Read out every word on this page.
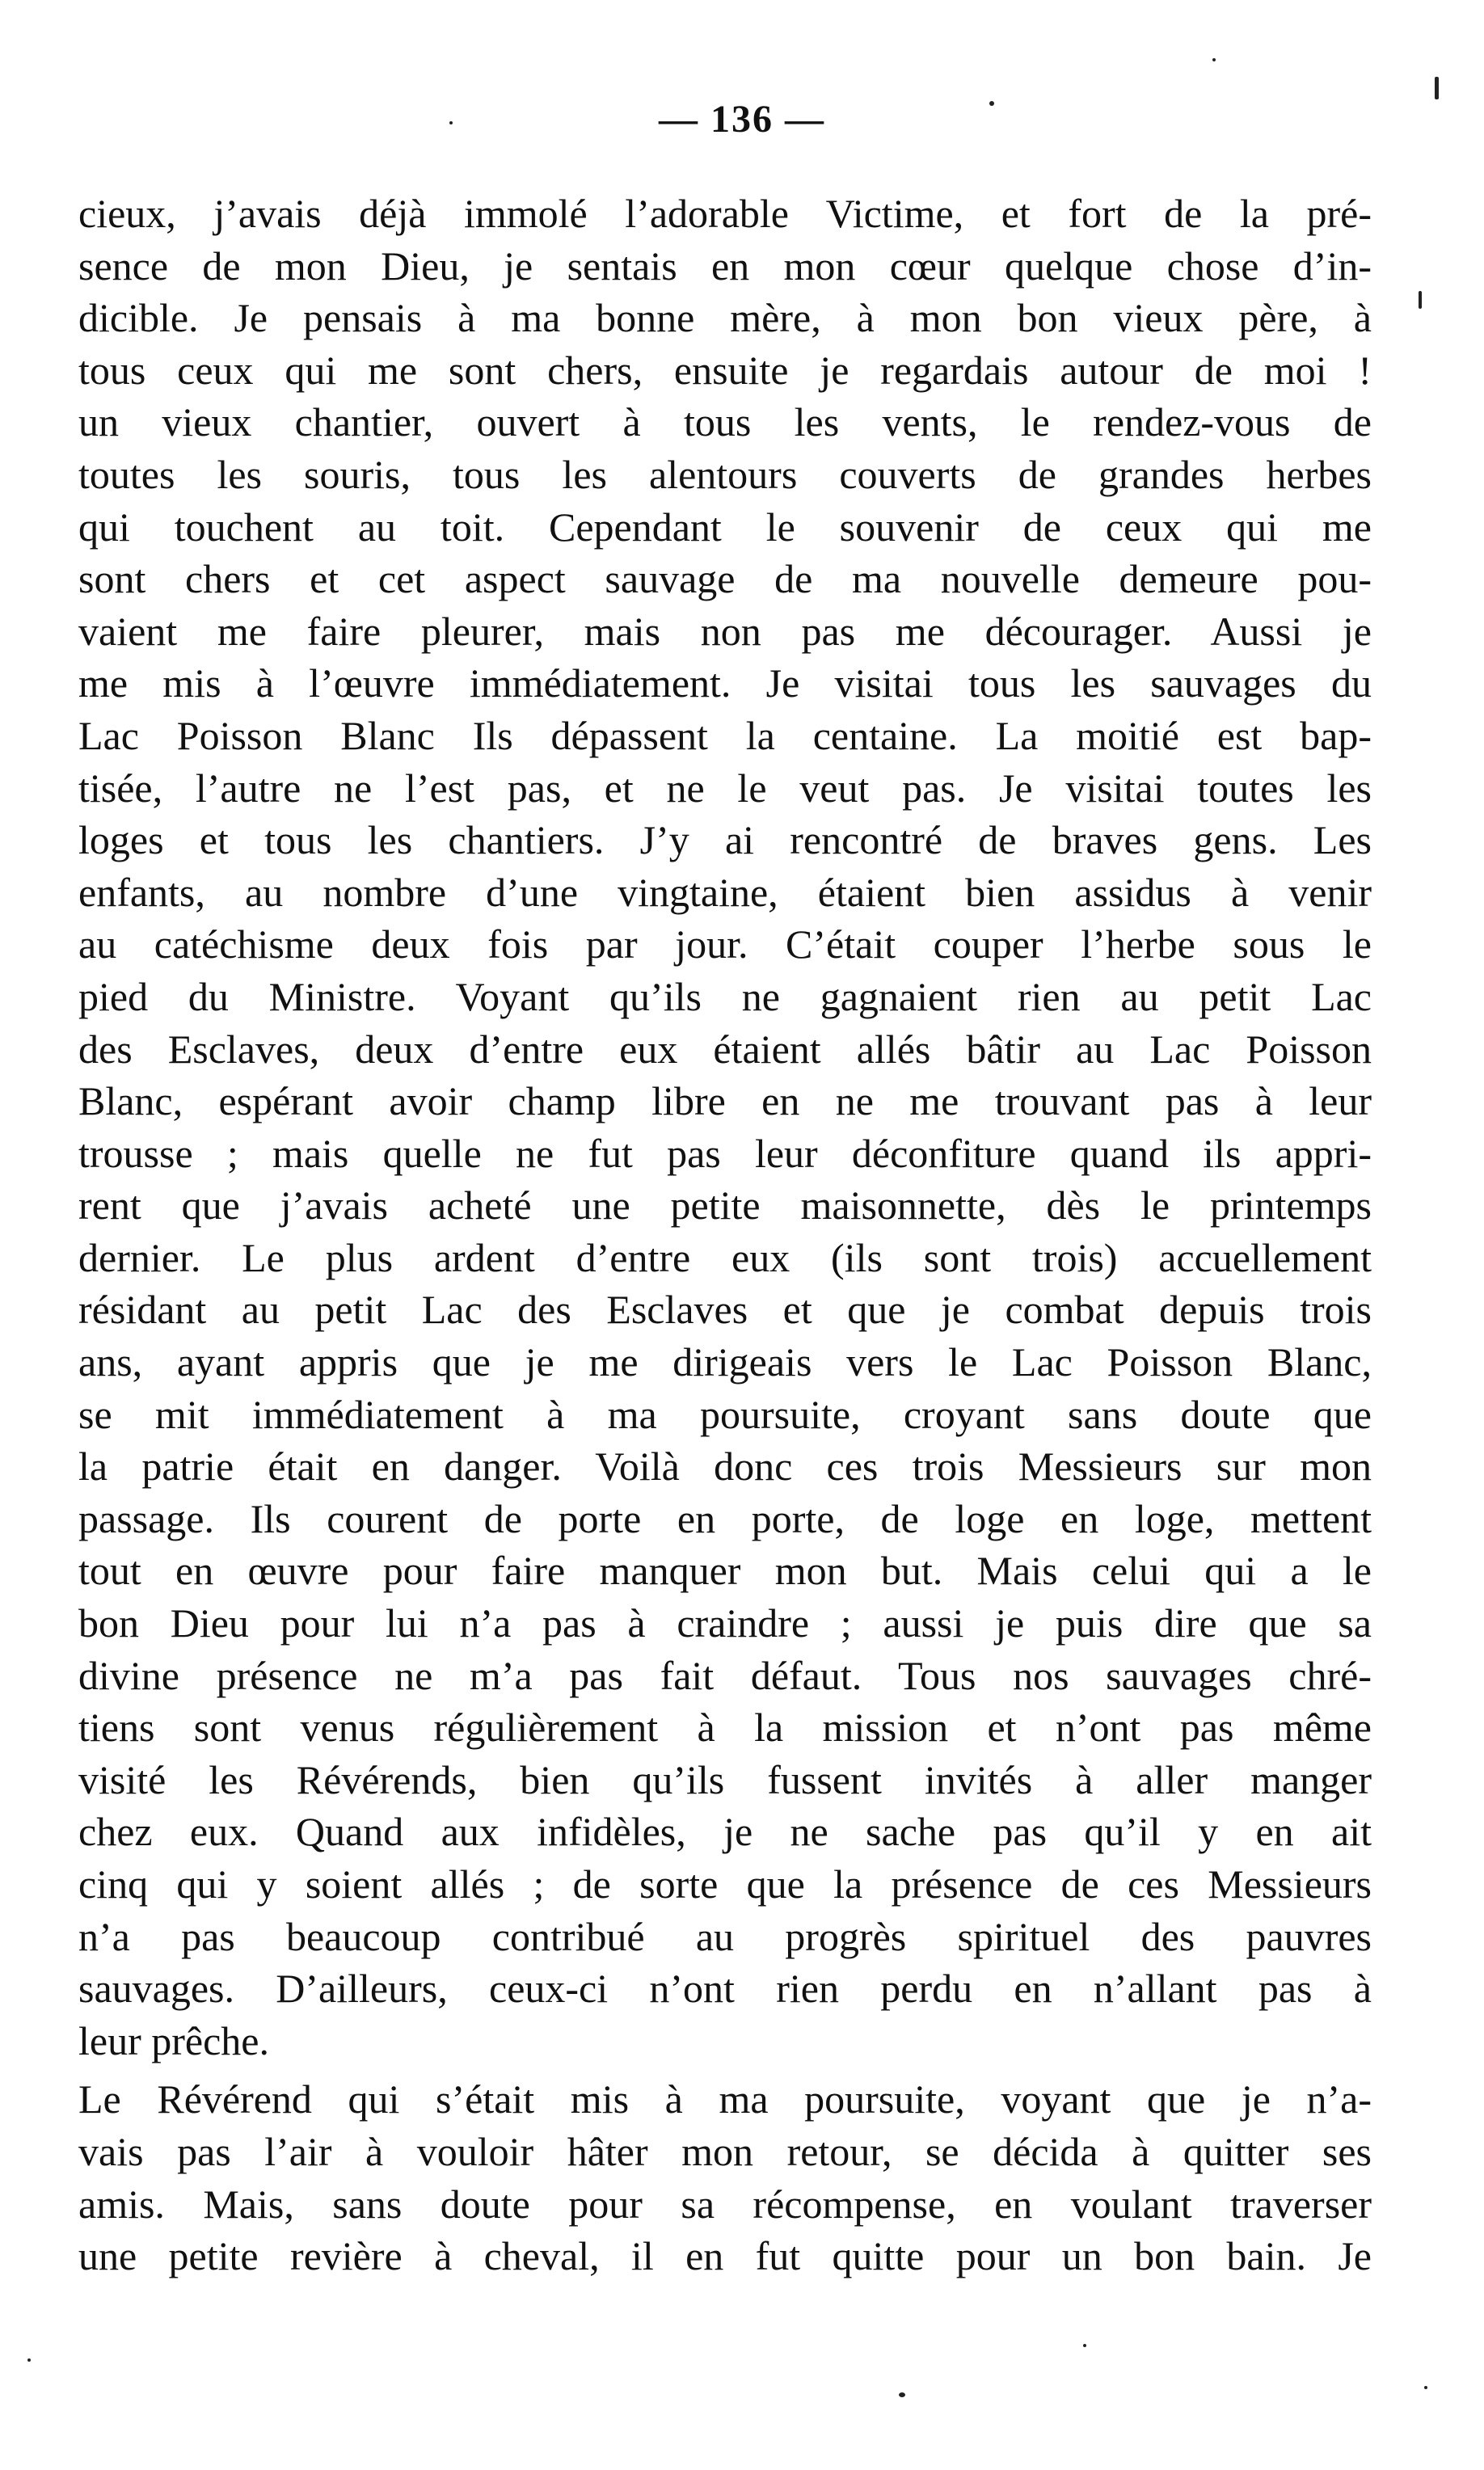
— 136 —
cieux, j’avais déjà immolé l’adorable Victime, et fort de la pré-
sence de mon Dieu, je sentais en mon cœur quelque chose d’in-
dicible. Je pensais à ma bonne mère, à mon bon vieux père, à
tous ceux qui me sont chers, ensuite je regardais autour de moi !
un vieux chantier, ouvert à tous les vents, le rendez-vous de
toutes les souris, tous les alentours couverts de grandes herbes
qui touchent au toit. Cependant le souvenir de ceux qui me
sont chers et cet aspect sauvage de ma nouvelle demeure pou-
vaient me faire pleurer, mais non pas me décourager. Aussi je
me mis à l’œuvre immédiatement. Je visitai tous les sauvages du
Lac Poisson Blanc Ils dépassent la centaine. La moitié est bap-
tisée, l’autre ne l’est pas, et ne le veut pas. Je visitai toutes les
loges et tous les chantiers. J’y ai rencontré de braves gens. Les
enfants, au nombre d’une vingtaine, étaient bien assidus à venir
au catéchisme deux fois par jour. C’était couper l’herbe sous le
pied du Ministre. Voyant qu’ils ne gagnaient rien au petit Lac
des Esclaves, deux d’entre eux étaient allés bâtir au Lac Poisson
Blanc, espérant avoir champ libre en ne me trouvant pas à leur
trousse ; mais quelle ne fut pas leur déconfiture quand ils appri-
rent que j’avais acheté une petite maisonnette, dès le printemps
dernier. Le plus ardent d’entre eux (ils sont trois) accuellement
résidant au petit Lac des Esclaves et que je combat depuis trois
ans, ayant appris que je me dirigeais vers le Lac Poisson Blanc,
se mit immédiatement à ma poursuite, croyant sans doute que
la patrie était en danger. Voilà donc ces trois Messieurs sur mon
passage. Ils courent de porte en porte, de loge en loge, mettent
tout en œuvre pour faire manquer mon but. Mais celui qui a le
bon Dieu pour lui n’a pas à craindre ; aussi je puis dire que sa
divine présence ne m’a pas fait défaut. Tous nos sauvages chré-
tiens sont venus régulièrement à la mission et n’ont pas même
visité les Révérends, bien qu’ils fussent invités à aller manger
chez eux. Quand aux infidèles, je ne sache pas qu’il y en ait
cinq qui y soient allés ; de sorte que la présence de ces Messieurs
n’a pas beaucoup contribué au progrès spirituel des pauvres
sauvages. D’ailleurs, ceux-ci n’ont rien perdu en n’allant pas à
leur prêche.
Le Révérend qui s’était mis à ma poursuite, voyant que je n’a-
vais pas l’air à vouloir hâter mon retour, se décida à quitter ses
amis. Mais, sans doute pour sa récompense, en voulant traverser
une petite revière à cheval, il en fut quitte pour un bon bain. Je
